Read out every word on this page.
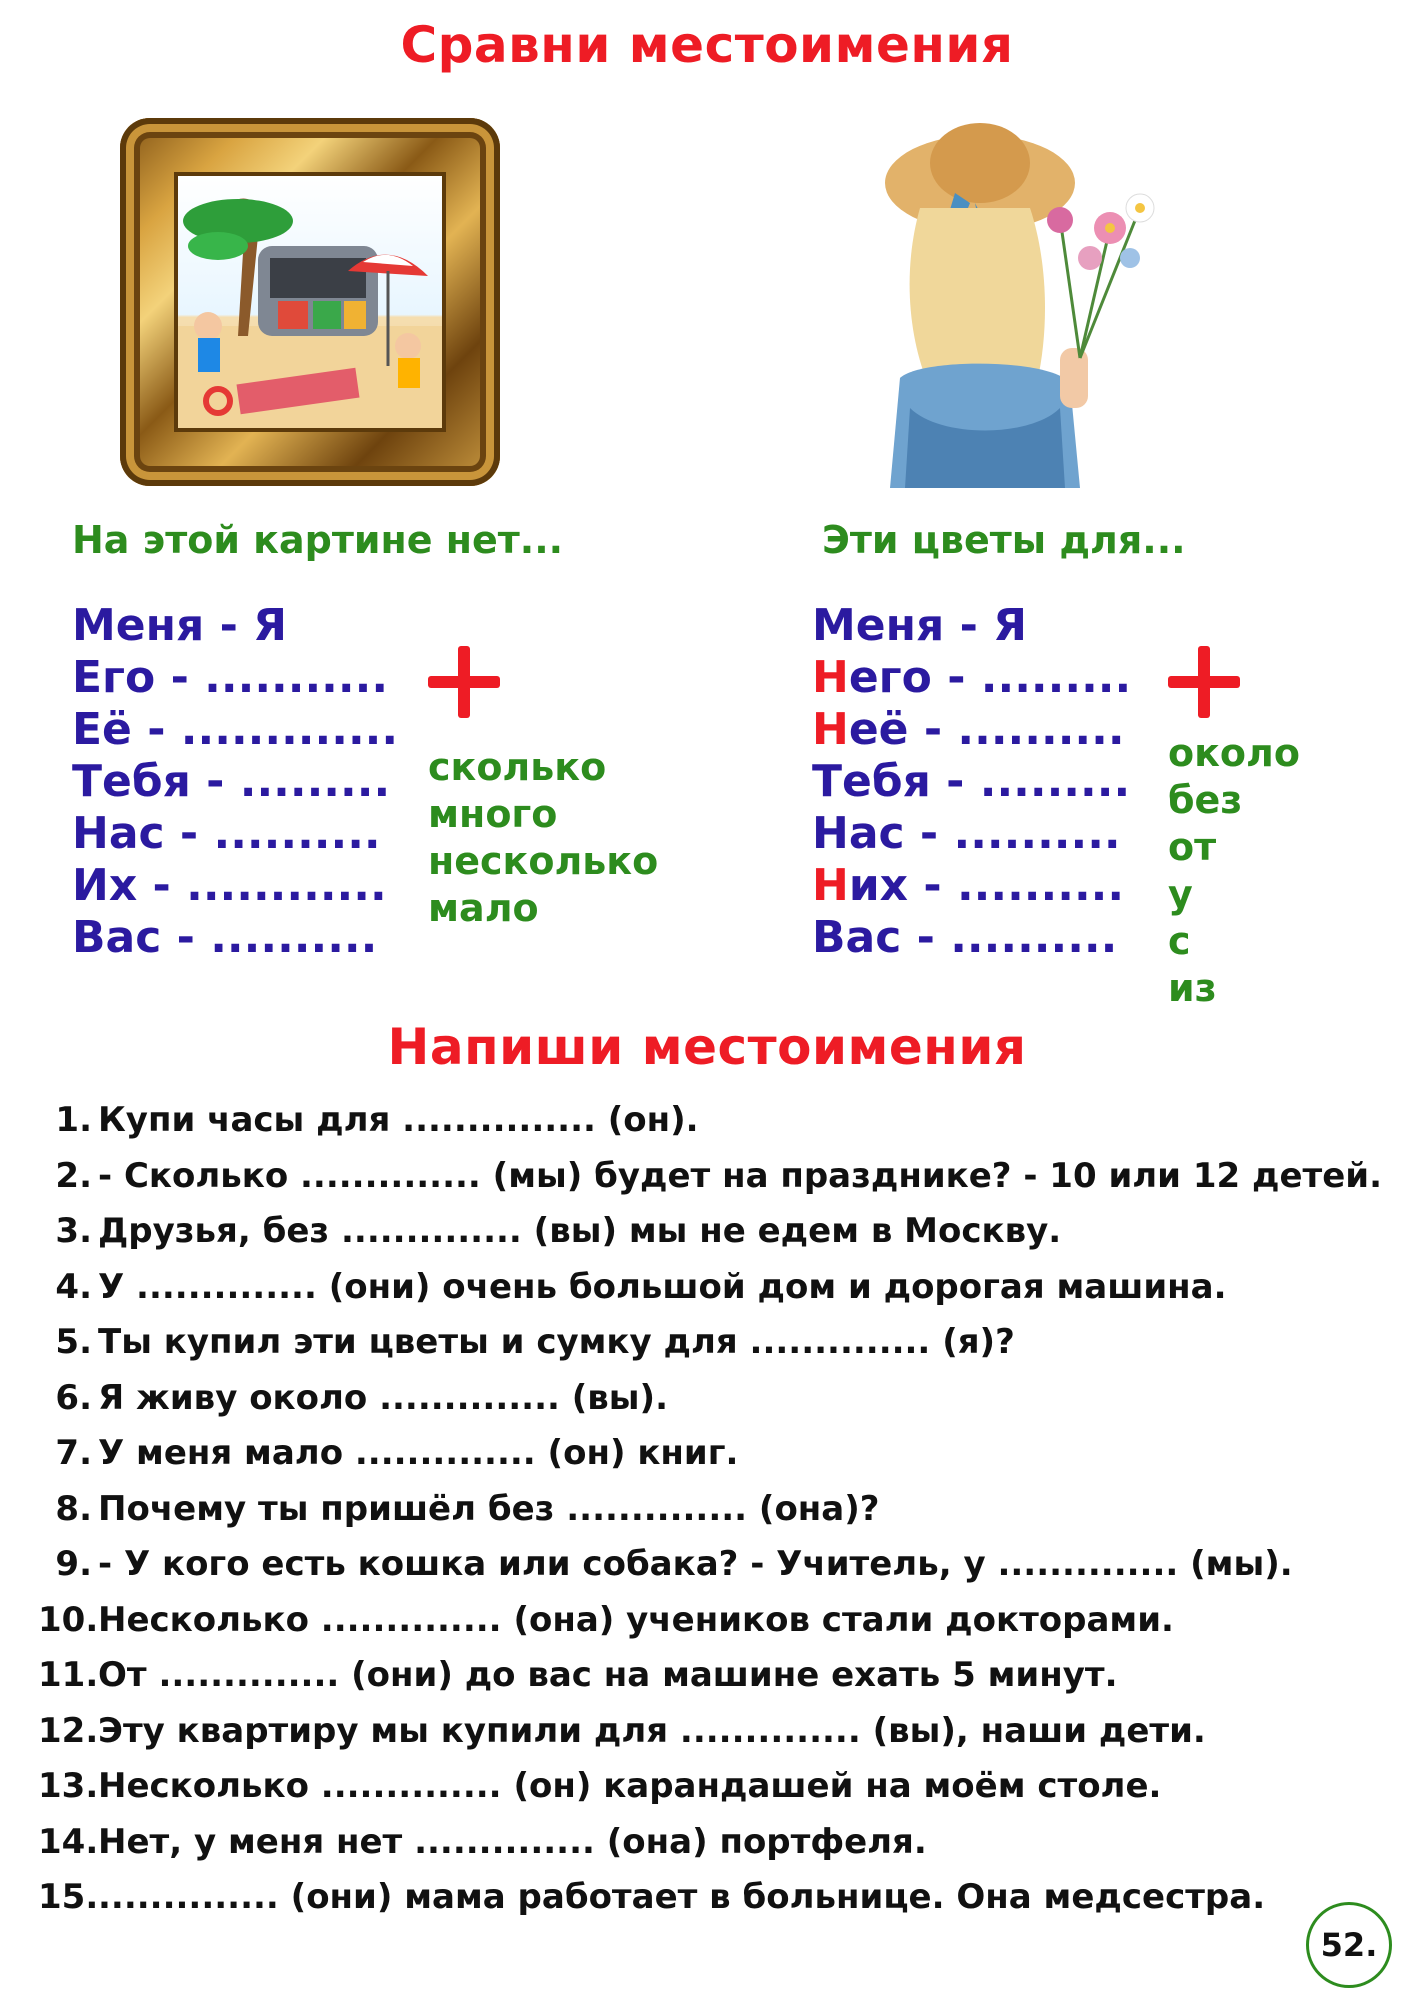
Сравни местоимения
На этой картине нет...	Эти цветы для...
Меня - Я
Его - ...........
Её - .............
Тебя - .........
Нас - ..........
Их - ............
Вас - ..........
Меня - Я
Него - .........
Неё - ..........
Тебя - .........
Нас - ..........
Них - ..........
Вас - ..........
сколько
много
несколько
мало
около
без
от
у
с
из
Напиши местоимения
1. Купи часы для ............... (он).
2. - Сколько .............. (мы) будет на празднике? - 10 или 12 детей.
3. Друзья, без .............. (вы) мы не едем в Москву.
4. У .............. (они) очень большой дом и дорогая машина.
5. Ты купил эти цветы и сумку для .............. (я)?
6. Я живу около .............. (вы).
7. У меня мало .............. (он) книг.
8. Почему ты пришёл без .............. (она)?
9. - У кого есть кошка или собака? - Учитель, у .............. (мы).
10. Несколько .............. (она) учеников стали докторами.
11. От .............. (они) до вас на машине ехать 5 минут.
12. Эту квартиру мы купили для .............. (вы), наши дети.
13. Несколько .............. (он) карандашей на моём столе.
14. Нет, у меня нет .............. (она) портфеля.
15. .............. (они) мама работает в больнице. Она медсестра.
52.
